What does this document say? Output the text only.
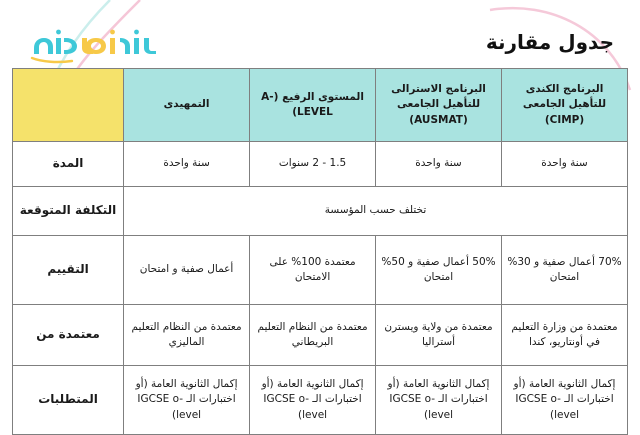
جدول مقارنة
البرنامج الكندى للتأهيل الجامعى (CIMP)	البرنامج الاسترالى للتأهيل الجامعى (AUSMAT)	المستوى الرفيع (A-LEVEL)	التمهيدى	
سنة واحدة	سنة واحدة	1.5 - 2 سنوات	سنة واحدة	المدة
تختلف حسب المؤسسة				التكلفة المتوقعة
70% أعمال صفية و 30% امتحان	50% أعمال صفية و 50% امتحان	معتمدة 100% على الامتحان	أعمال صفية و امتحان	التقييم
معتمدة من وزارة التعليم في أونتاريو، كندا	معتمدة من ولاية ويسترن أستراليا	معتمدة من النظام التعليم البريطاني	معتمدة من النظام التعليم الماليزي	معتمدة من
إكمال الثانوية العامة (أو اختبارات الـ IGCSE o-level)	إكمال الثانوية العامة (أو اختبارات الـ IGCSE o-level)	إكمال الثانوية العامة (أو اختبارات الـ IGCSE o-level)	إكمال الثانوية العامة (أو اختبارات الـ IGCSE o-level)	المتطلبات
